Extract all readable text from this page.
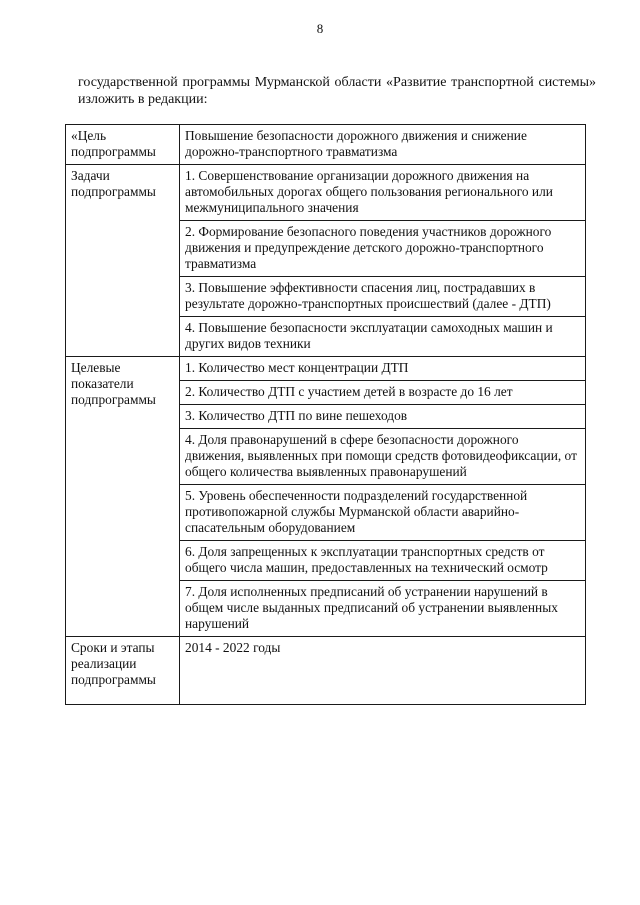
8

государственной программы Мурманской области «Развитие транспортной системы» изложить в редакции:

«Цель подпрограммы	Повышение безопасности дорожного движения и снижение дорожно-транспортного травматизма
Задачи подпрограммы	1. Совершенствование организации дорожного движения на автомобильных дорогах общего пользования регионального или межмуниципального значения
	2. Формирование безопасного поведения участников дорожного движения и предупреждение детского дорожно-транспортного травматизма
	3. Повышение эффективности спасения лиц, пострадавших в результате дорожно-транспортных происшествий (далее - ДТП)
	4. Повышение безопасности эксплуатации самоходных машин и других видов техники
Целевые показатели подпрограммы	1. Количество мест концентрации ДТП
	2. Количество ДТП с участием детей в возрасте до 16 лет
	3. Количество ДТП по вине пешеходов
	4. Доля правонарушений в сфере безопасности дорожного движения, выявленных при помощи средств фотовидеофиксации, от общего количества выявленных правонарушений
	5. Уровень обеспеченности подразделений государственной противопожарной службы Мурманской области аварийно-спасательным оборудованием
	6. Доля запрещенных к эксплуатации транспортных средств от общего числа машин, предоставленных на технический осмотр
	7. Доля исполненных предписаний об устранении нарушений в общем числе выданных предписаний об устранении выявленных нарушений
Сроки и этапы реализации подпрограммы	2014 - 2022 годы
